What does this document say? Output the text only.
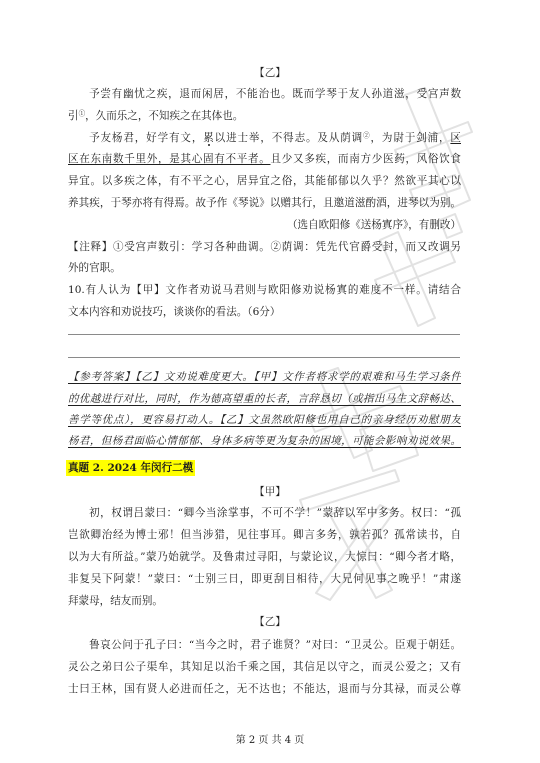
【乙】
予尝有幽忧之疾，退而闲居，不能治也。既而学琴于友人孙道滋，受宫声数
引①，久而乐之，不知疾之在其体也。
予友杨君，好学有文，累以进士举，不得志。及从荫调②，为尉于剑浦，区
区在东南数千里外，是其心固有不平者。且少又多疾，而南方少医药，风俗饮食
异宜。以多疾之体，有不平之心，居异宜之俗，其能郁郁以久乎？然欲平其心以
养其疾，于琴亦将有得焉。故予作《琴说》以赠其行，且邀道滋酌酒，进琴以为别。
（选自欧阳修《送杨寘序》，有删改）
【注释】①受宫声数引：学习各种曲调。②荫调：凭先代官爵受封，而又改调另
外的官职。
10.有人认为【甲】文作者劝说马君则与欧阳修劝说杨寘的难度不一样。请结合
文本内容和劝说技巧，谈谈你的看法。（6分）
【参考答案】【乙】文劝说难度更大。【甲】文作者将求学的艰难和马生学习条件
的优越进行对比，同时，作为德高望重的长者，言辞恳切（或指出马生文辞畅达、
善学等优点），更容易打动人。【乙】文虽然欧阳修也用自己的亲身经历劝慰朋友
杨君，但杨君面临心情郁郁、身体多病等更为复杂的困境，可能会影响劝说效果。
真题 2. 2024 年闵行二模
【甲】
初，权谓吕蒙曰：“卿今当涂掌事，不可不学！”蒙辞以军中多务。权曰：“孤
岂欲卿治经为博士邪！但当涉猎，见往事耳。卿言多务，孰若孤？孤常读书，自
以为大有所益。”蒙乃始就学。及鲁肃过寻阳，与蒙论议，大惊曰：“卿今者才略，
非复吴下阿蒙！”蒙曰：“士别三日，即更刮目相待，大兄何见事之晚乎！”肃遂
拜蒙母，结友而别。
【乙】
鲁哀公问于孔子曰：“当今之时，君子谁贤？”对曰：“卫灵公。臣观于朝廷。
灵公之弟曰公子渠牟，其知足以治千乘之国，其信足以守之，而灵公爱之；又有
士曰王林，国有贤人必进而任之，无不达也；不能达，退而与分其禄，而灵公尊
第 2 页 共 4 页
